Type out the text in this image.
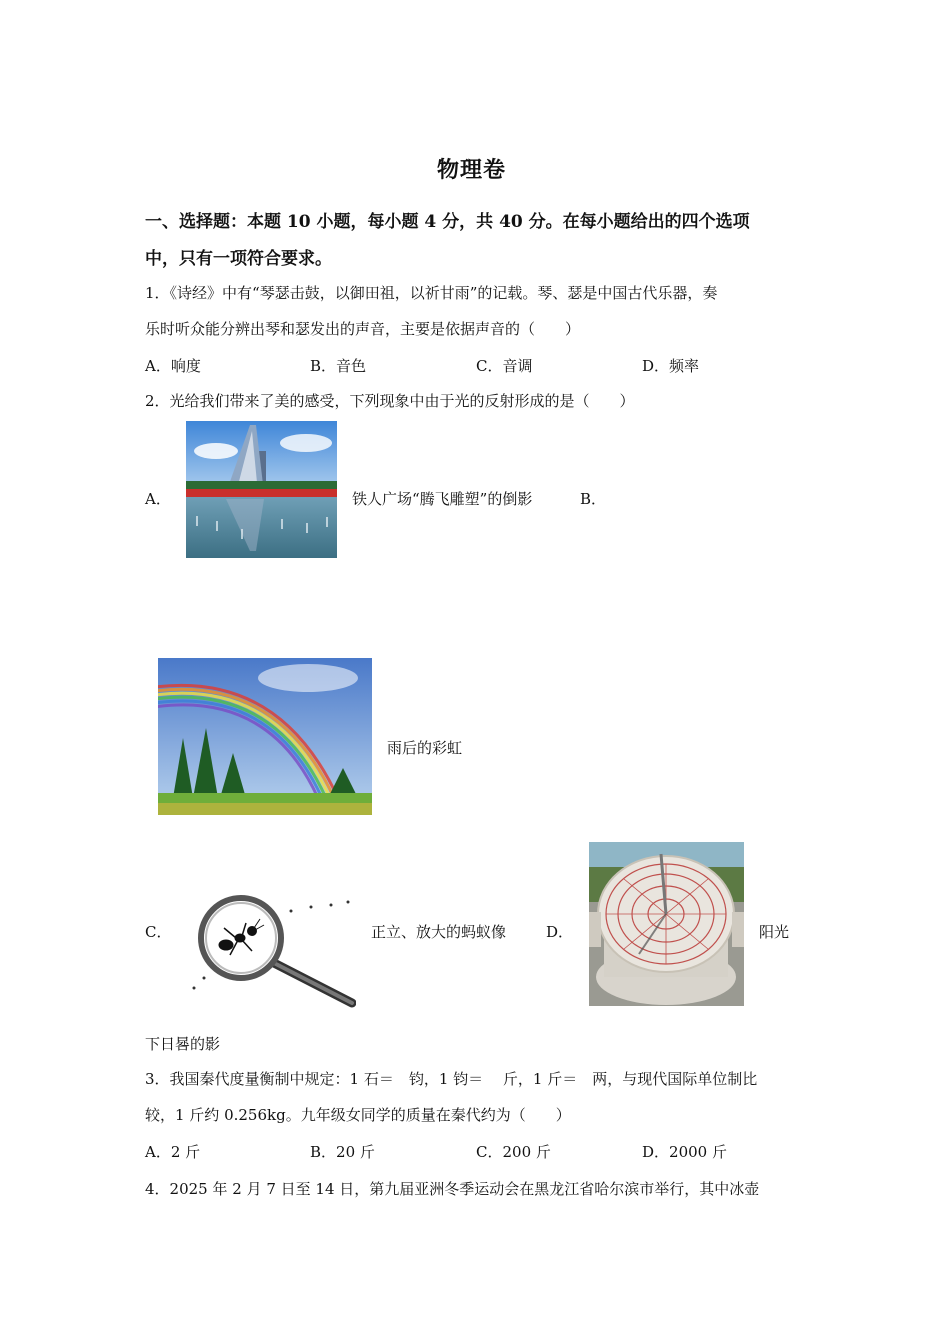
物理卷
一、选择题：本题 10 小题，每小题 4 分，共 40 分。在每小题给出的四个选项
中，只有一项符合要求。
1．《诗经》中有“琴瑟击鼓，以御田祖，以祈甘雨”的记载。琴、瑟是中国古代乐器，奏
乐时听众能分辨出琴和瑟发出的声音，主要是依据声音的（　　）
A．响度	B．音色	C．音调	D．频率
2．光给我们带来了美的感受，下列现象中由于光的反射形成的是（　　）
A．	铁人广场“腾飞雕塑”的倒影	B．
雨后的彩虹
C．	正立、放大的蚂蚁像	D．	阳光
下日晷的影
3．我国秦代度量衡制中规定：1 石＝　钧，1 钧＝　 斤，1 斤＝　两，与现代国际单位制比
较，1 斤约 0.256kg。九年级女同学的质量在秦代约为（　　）
A．2 斤	B．20 斤	C．200 斤	D．2000 斤
4．2025 年 2 月 7 日至 14 日，第九届亚洲冬季运动会在黑龙江省哈尔滨市举行，其中冰壶
